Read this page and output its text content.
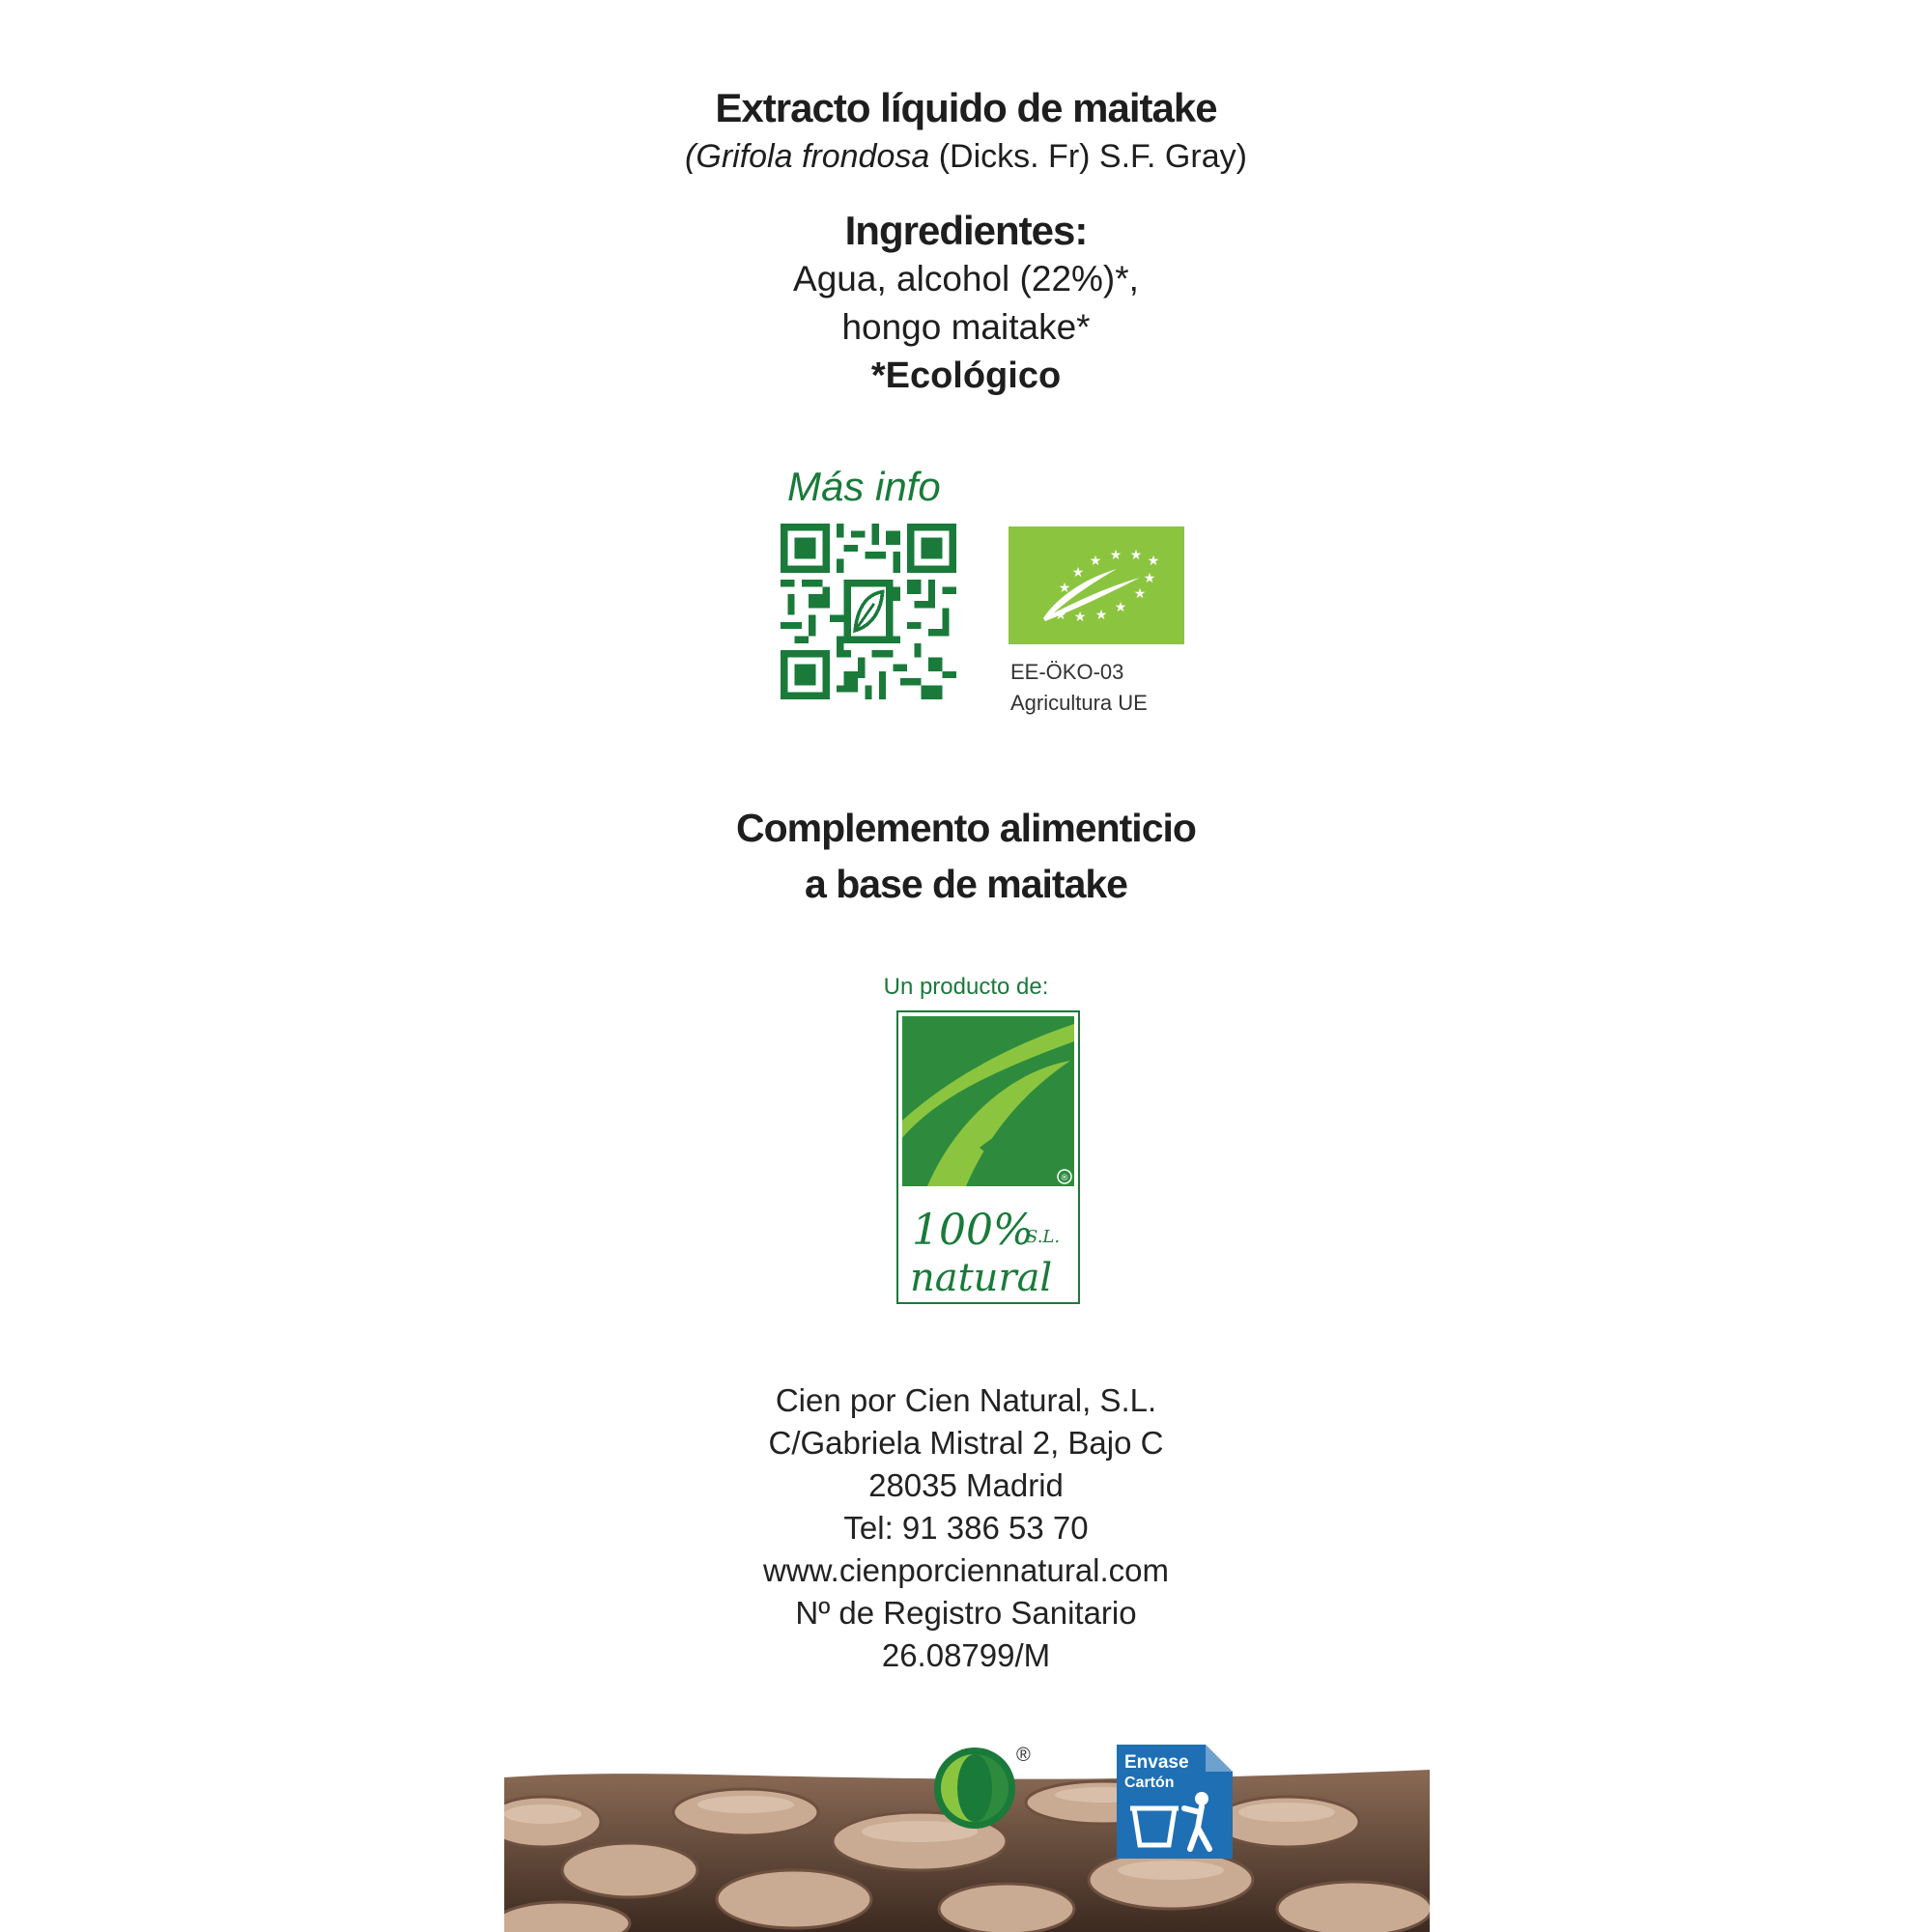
Extracto líquido de maitake
(Grifola frondosa (Dicks. Fr) S.F. Gray)
Ingredientes:
Agua, alcohol (22%)*,
hongo maitake*
*Ecológico
Más info
★
★
★ ★ ★ ★
★
★
★
★
★
★
EE-ÖKO-03
Agricultura UE
Complemento alimenticio
a base de maitake
Un producto de:
®
100%
S.L.
natural
Cien por Cien Natural, S.L.
C/Gabriela Mistral 2, Bajo C
28035 Madrid
Tel: 91 386 53 70
www.cienporciennatural.com
Nº de Registro Sanitario
26.08799/M
®	Envase
Cartón
